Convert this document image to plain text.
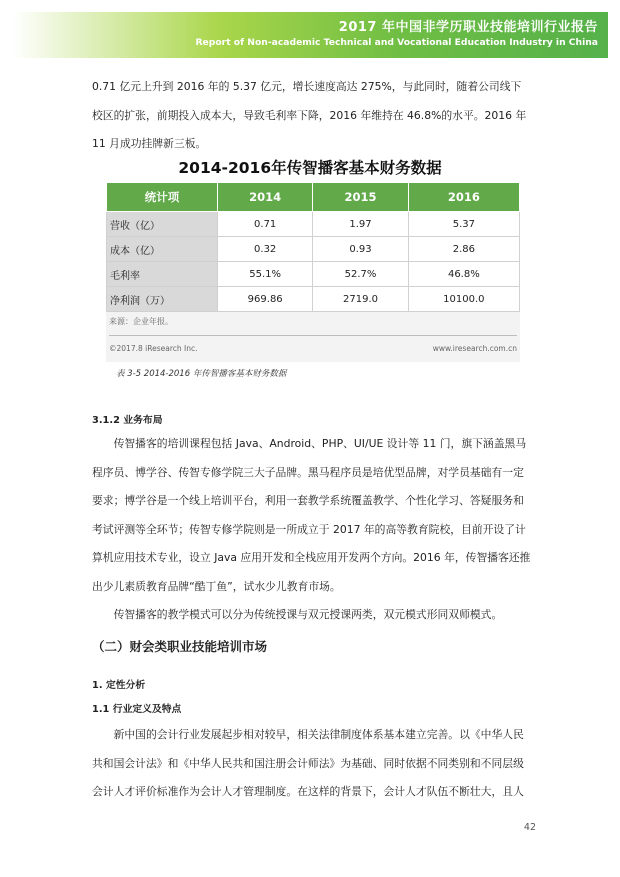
2017 年中国非学历职业技能培训行业报告
Report of Non-academic Technical and Vocational Education Industry in China

0.71 亿元上升到 2016 年的 5.37 亿元，增长速度高达 275%，与此同时，随着公司线下校区的扩张，前期投入成本大，导致毛利率下降，2016 年维持在 46.8%的水平。2016 年 11 月成功挂牌新三板。

2014-2016年传智播客基本财务数据
统计项	2014	2015	2016
营收（亿）	0.71	1.97	5.37
成本（亿）	0.32	0.93	2.86
毛利率	55.1%	52.7%	46.8%
净利润（万）	969.86	2719.0	10100.0
来源：企业年报。
©2017.8 iResearch Inc.	www.iresearch.com.cn
表 3-5 2014-2016 年传智播客基本财务数据
3.1.2 业务布局

传智播客的培训课程包括 Java、Android、PHP、UI/UE 设计等 11 门，旗下涵盖黑马程序员、博学谷、传智专修学院三大子品牌。黑马程序员是培优型品牌，对学员基础有一定要求；博学谷是一个线上培训平台，利用一套教学系统覆盖教学、个性化学习、答疑服务和考试评测等全环节；传智专修学院则是一所成立于 2017 年的高等教育院校，目前开设了计算机应用技术专业，设立 Java 应用开发和全栈应用开发两个方向。2016 年，传智播客还推出少儿素质教育品牌“酷丁鱼”，试水少儿教育市场。

传智播客的教学模式可以分为传统授课与双元授课两类，双元模式形同双师模式。

（二）财会类职业技能培训市场
1. 定性分析
1.1 行业定义及特点

新中国的会计行业发展起步相对较早，相关法律制度体系基本建立完善。以《中华人民共和国会计法》和《中华人民共和国注册会计师法》为基础、同时依据不同类别和不同层级会计人才评价标准作为会计人才管理制度。在这样的背景下，会计人才队伍不断壮大，且人

42
